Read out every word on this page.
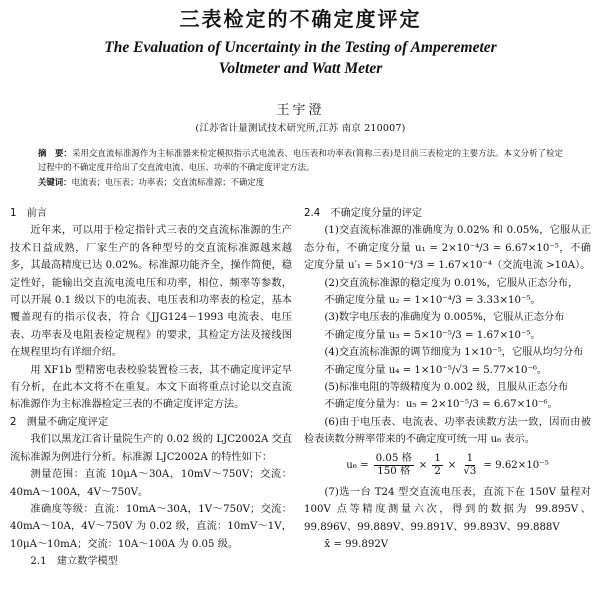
三表检定的不确定度评定
The Evaluation of Uncertainty in the Testing of Amperemeter
Voltmeter and Watt Meter
王宇澄
(江苏省计量测试技术研究所,江苏 南京 210007)
摘　要：采用交直流标准源作为主标准器来检定模拟指示式电流表、电压表和功率表(简称三表)是目前三表检定的主要方法。本文分析了检定过程中的不确定度并给出了交直流电流、电压、功率的不确定度评定方法。
关键词：电流表；电压表；功率表；交直流标准源；不确定度

1　前言

近年来，可以用于检定指针式三表的交直流标准源的生产技术日益成熟，厂家生产的各种型号的交直流标准源越来越多，其最高精度已达 0.02%。标准源功能齐全，操作简便，稳定性好，能输出交直流电流电压和功率，相位、频率等参数，可以开展 0.1 级以下的电流表、电压表和功率表的检定，基本覆盖现有的指示仪表，符合《JJG124－1993 电流表、电压表、功率表及电阻表检定规程》的要求，其检定方法及接线图在规程里均有详细介绍。

用 XF1b 型精密电表校验装置检三表，其不确定度评定早有分析，在此本文将不在重复。本文下面将重点讨论以交直流标准源作为主标准器检定三表的不确定度评定方法。

2　测量不确定度评定

我们以黑龙江省计量院生产的 0.02 级的 LJC2002A 交直流标准源为例进行分析。标准源 LJC2002A 的特性如下：

测量范围：直流 10μA～30A，10mV～750V；交流：40mA～100A，4V～750V。

准确度等级：直流：10mA～30A，1V～750V；交流：40mA～10A，4V～750V 为 0.02 级，直流：10mV～1V，10μA～10mA；交流：10A～100A 为 0.05 级。

2.1　建立数学模型

2.4　不确定度分量的评定

(1)交直流标准源的准确度为 0.02% 和 0.05%，它服从正态分布，不确定度分量 u₁ = 2×10⁻⁴/3 = 6.67×10⁻⁵，不确定度分量 u′₁ = 5×10⁻⁴/3 = 1.67×10⁻⁴（交流电流 >10A）。

(2)交直流标准源的稳定度为 0.01%，它服从正态分布，

不确定度分量 u₂ = 1×10⁻⁴/3 = 3.33×10⁻⁵。

(3)数字电压表的准确度为 0.005%，它服从正态分布

不确定度分量 u₃ = 5×10⁻⁵/3 = 1.67×10⁻⁵。

(4)交直流标准源的调节细度为 1×10⁻⁵，它服从均匀分布

不确定度分量 u₄ = 1×10⁻⁵/√3 = 5.77×10⁻⁶。

(5)标准电阻的等级精度为 0.002 级，且服从正态分布

不确定度分量为：u₅ = 2×10⁻⁵/3 = 6.67×10⁻⁶。

(6)由于电压表、电流表、功率表读数方法一致，因而由被检表读数分辨率带来的不确定度可统一用 u₆ 表示。

$u_6 = \frac{\text{0.05 格}}{\text{150 格}} \times \frac{1}{2} \times \frac{1}{√3} = 9.62\times 10^{-5}$

(7)选一台 T24 型交直流电压表，直流下在 150V 量程对 100V 点等精度测量六次，得到的数据为 99.895V、99.896V、99.889V、99.891V、99.893V、99.888V

x̄ = 99.892V
